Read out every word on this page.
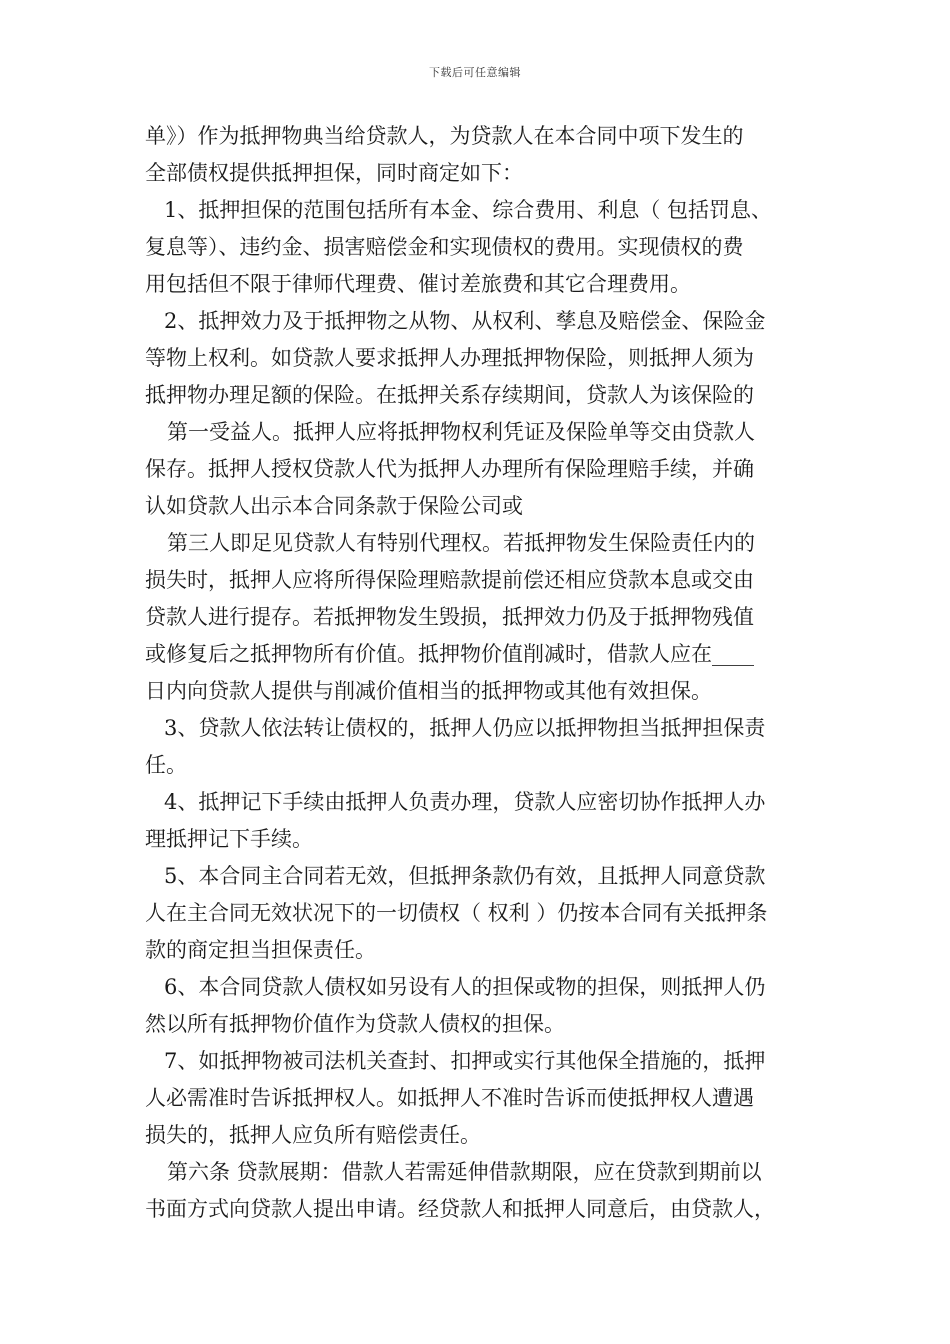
下载后可任意编辑
单》）作为抵押物典当给贷款人，为贷款人在本合同中项下发生的
全部债权提供抵押担保，同时商定如下：
1、抵押担保的范围包括所有本金、综合费用、利息（ 包括罚息、
复息等）、违约金、损害赔偿金和实现债权的费用。实现债权的费
用包括但不限于律师代理费、催讨差旅费和其它合理费用。
2、抵押效力及于抵押物之从物、从权利、孳息及赔偿金、保险金
等物上权利。如贷款人要求抵押人办理抵押物保险，则抵押人须为
抵押物办理足额的保险。在抵押关系存续期间，贷款人为该保险的
第一受益人。抵押人应将抵押物权利凭证及保险单等交由贷款人
保存。抵押人授权贷款人代为抵押人办理所有保险理赔手续，并确
认如贷款人出示本合同条款于保险公司或
第三人即足见贷款人有特别代理权。若抵押物发生保险责任内的
损失时，抵押人应将所得保险理赔款提前偿还相应贷款本息或交由
贷款人进行提存。若抵押物发生毁损，抵押效力仍及于抵押物残值
或修复后之抵押物所有价值。抵押物价值削减时，借款人应在____
日内向贷款人提供与削减价值相当的抵押物或其他有效担保。
3、贷款人依法转让债权的，抵押人仍应以抵押物担当抵押担保责
任。
4、抵押记下手续由抵押人负责办理，贷款人应密切协作抵押人办
理抵押记下手续。
5、本合同主合同若无效，但抵押条款仍有效，且抵押人同意贷款
人在主合同无效状况下的一切债权（ 权利 ）仍按本合同有关抵押条
款的商定担当担保责任。
6、本合同贷款人债权如另设有人的担保或物的担保，则抵押人仍
然以所有抵押物价值作为贷款人债权的担保。
7、如抵押物被司法机关查封、扣押或实行其他保全措施的，抵押
人必需准时告诉抵押权人。如抵押人不准时告诉而使抵押权人遭遇
损失的，抵押人应负所有赔偿责任。
第六条 贷款展期：借款人若需延伸借款期限，应在贷款到期前以
书面方式向贷款人提出申请。经贷款人和抵押人同意后，由贷款人，
